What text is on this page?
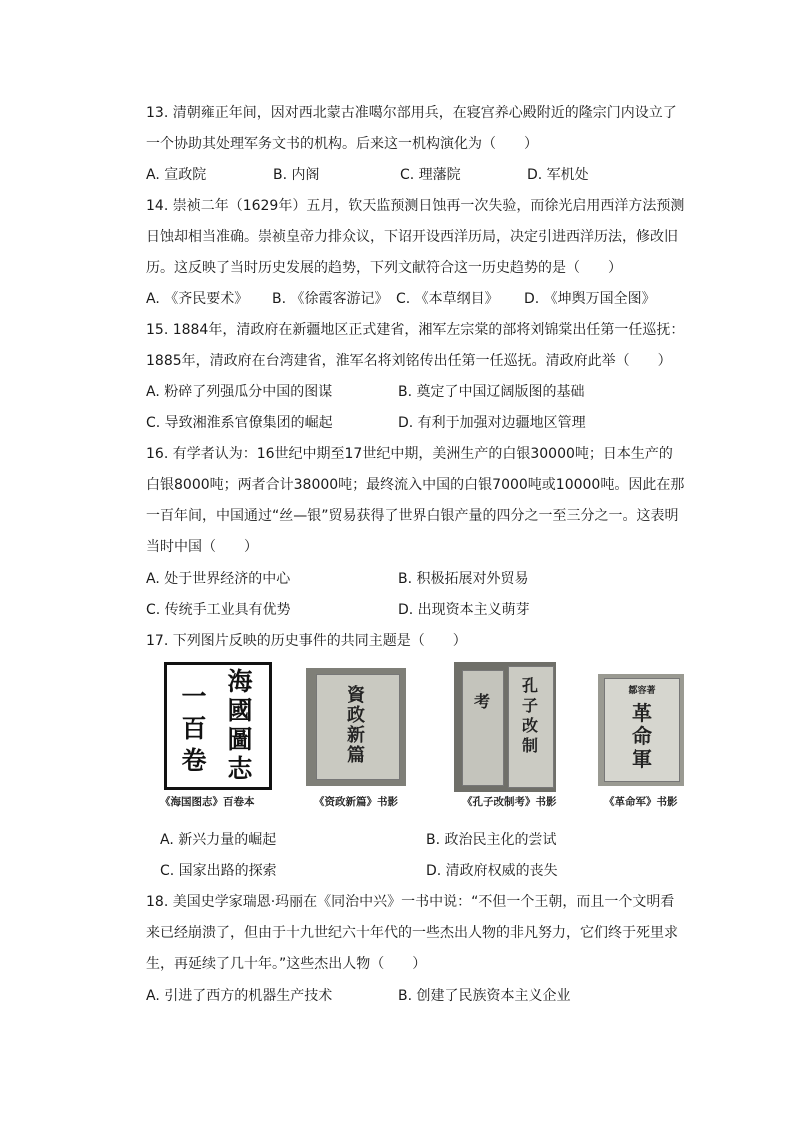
13. 清朝雍正年间，因对西北蒙古准噶尔部用兵，在寝宫养心殿附近的隆宗门内设立了
一个协助其处理军务文书的机构。后来这一机构演化为（　　）
A. 宣政院	B. 内阁	C. 理藩院	D. 军机处
14. 崇祯二年（1629年）五月，钦天监预测日蚀再一次失验，而徐光启用西洋方法预测
日蚀却相当准确。崇祯皇帝力排众议，下诏开设西洋历局，决定引进西洋历法，修改旧
历。这反映了当时历史发展的趋势，下列文献符合这一历史趋势的是（　　）
A. 《齐民要术》 B. 《徐霞客游记》 C. 《本草纲目》 D. 《坤舆万国全图》
15. 1884年，清政府在新疆地区正式建省，湘军左宗棠的部将刘锦棠出任第一任巡抚：
1885年，清政府在台湾建省，淮军名将刘铭传出任第一任巡抚。清政府此举（　　）
A. 粉碎了列强瓜分中国的图谋	B. 奠定了中国辽阔版图的基础
C. 导致湘淮系官僚集团的崛起	D. 有利于加强对边疆地区管理
16. 有学者认为：16世纪中期至17世纪中期，美洲生产的白银30000吨；日本生产的
白银8000吨；两者合计38000吨；最终流入中国的白银7000吨或10000吨。因此在那
一百年间，中国通过“丝—银”贸易获得了世界白银产量的四分之一至三分之一。这表明
当时中国（　　）
A. 处于世界经济的中心	B. 积极拓展对外贸易
C. 传统手工业具有优势	D. 出现资本主义萌芽
17. 下列图片反映的历史事件的共同主题是（　　）
海
國
圖
志
一
百
卷
《海国图志》百卷本
資
政
新
篇
《资政新篇》书影
孔
子
改
制
考
《孔子改制考》书影
鄒容著
革
命
軍
《革命军》书影
A. 新兴力量的崛起	B. 政治民主化的尝试
C. 国家出路的探索	D. 清政府权威的丧失
18. 美国史学家瑞恩·玛丽在《同治中兴》一书中说：“不但一个王朝，而且一个文明看
来已经崩溃了，但由于十九世纪六十年代的一些杰出人物的非凡努力，它们终于死里求
生，再延续了几十年。”这些杰出人物（　　）
A. 引进了西方的机器生产技术	B. 创建了民族资本主义企业
